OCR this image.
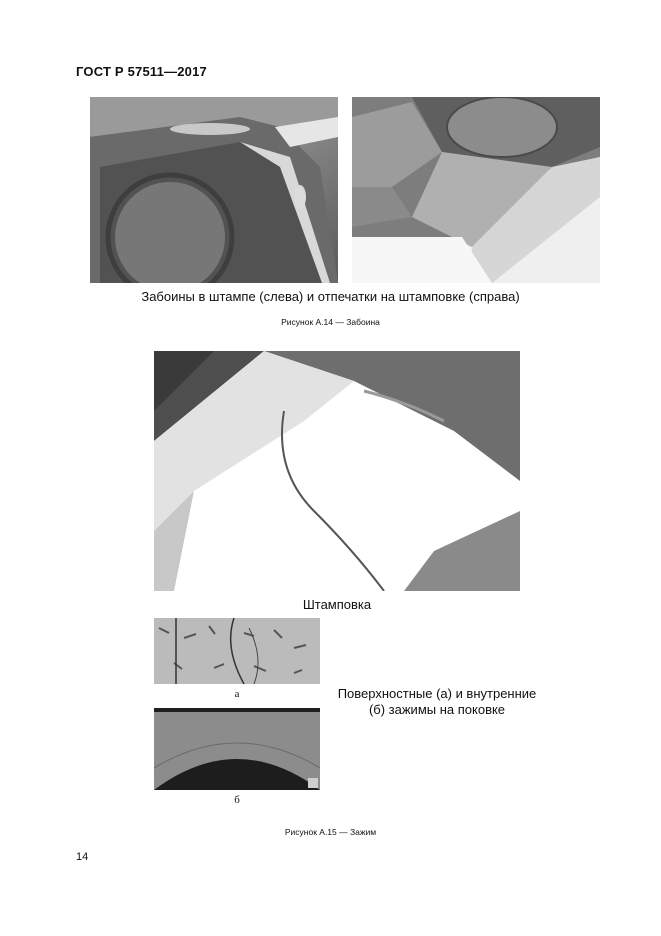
ГОСТ Р 57511—2017
Забоины в штампе (слева) и отпечатки на штамповке (справа)
Рисунок А.14 — Забоина
Штамповка
а
б
Поверхностные (а) и внутренние (б) зажимы на поковке
Рисунок А.15 — Зажим
14
